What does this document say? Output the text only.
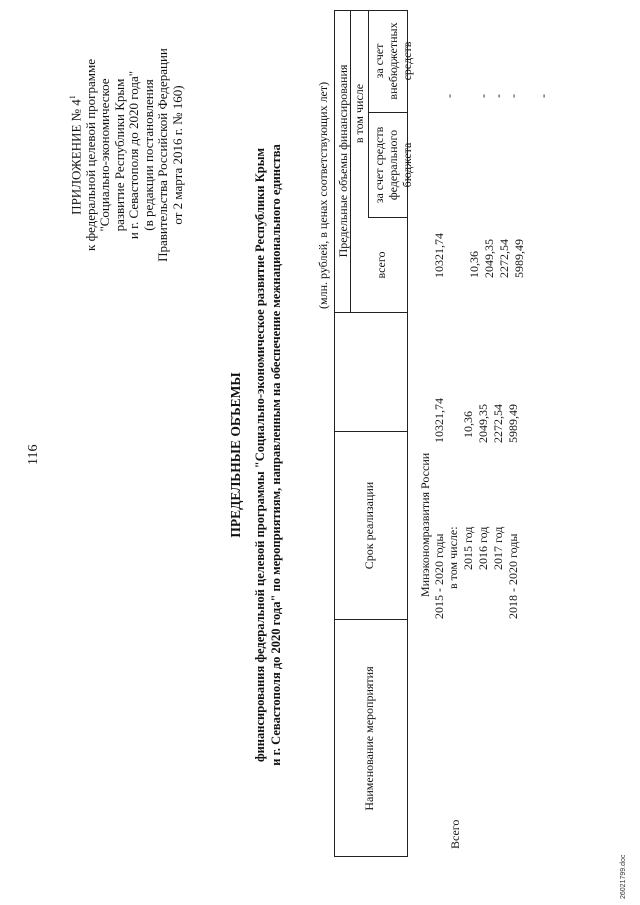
116
ПРИЛОЖЕНИЕ № $4^1$ к федеральной целевой программе "Социально-экономическое развитие Республики Крым и г. Севастополя до 2020 года" (в редакции постановления Правительства Российской Федерации от 2 марта 2016 г. № 160)
ПРЕДЕЛЬНЫЕ ОБЪЕМЫ финансирования федеральной целевой программы "Социально-экономическое развитие Республики Крым и г. Севастополя до 2020 года" по мероприятиям, направленным на обеспечение межнационального единства	(млн. рублей, в ценах соответствующих лет)
Наименование мероприятия
Срок реализации
Предельные объемы финансирования
всего
в том числе
за счет средств федерального бюджета
за счет внебюджетных средств
Минэкономразвития России
Всего
2015 - 2020 годы
10321,74
10321,74
-
в том числе: 2015 год
10,36
10,36
-
2016 год
2049,35
2049,35
-
2017 год
2272,54
2272,54
-
2018 - 2020 годы
5989,49
5989,49
-
26021799.doc
